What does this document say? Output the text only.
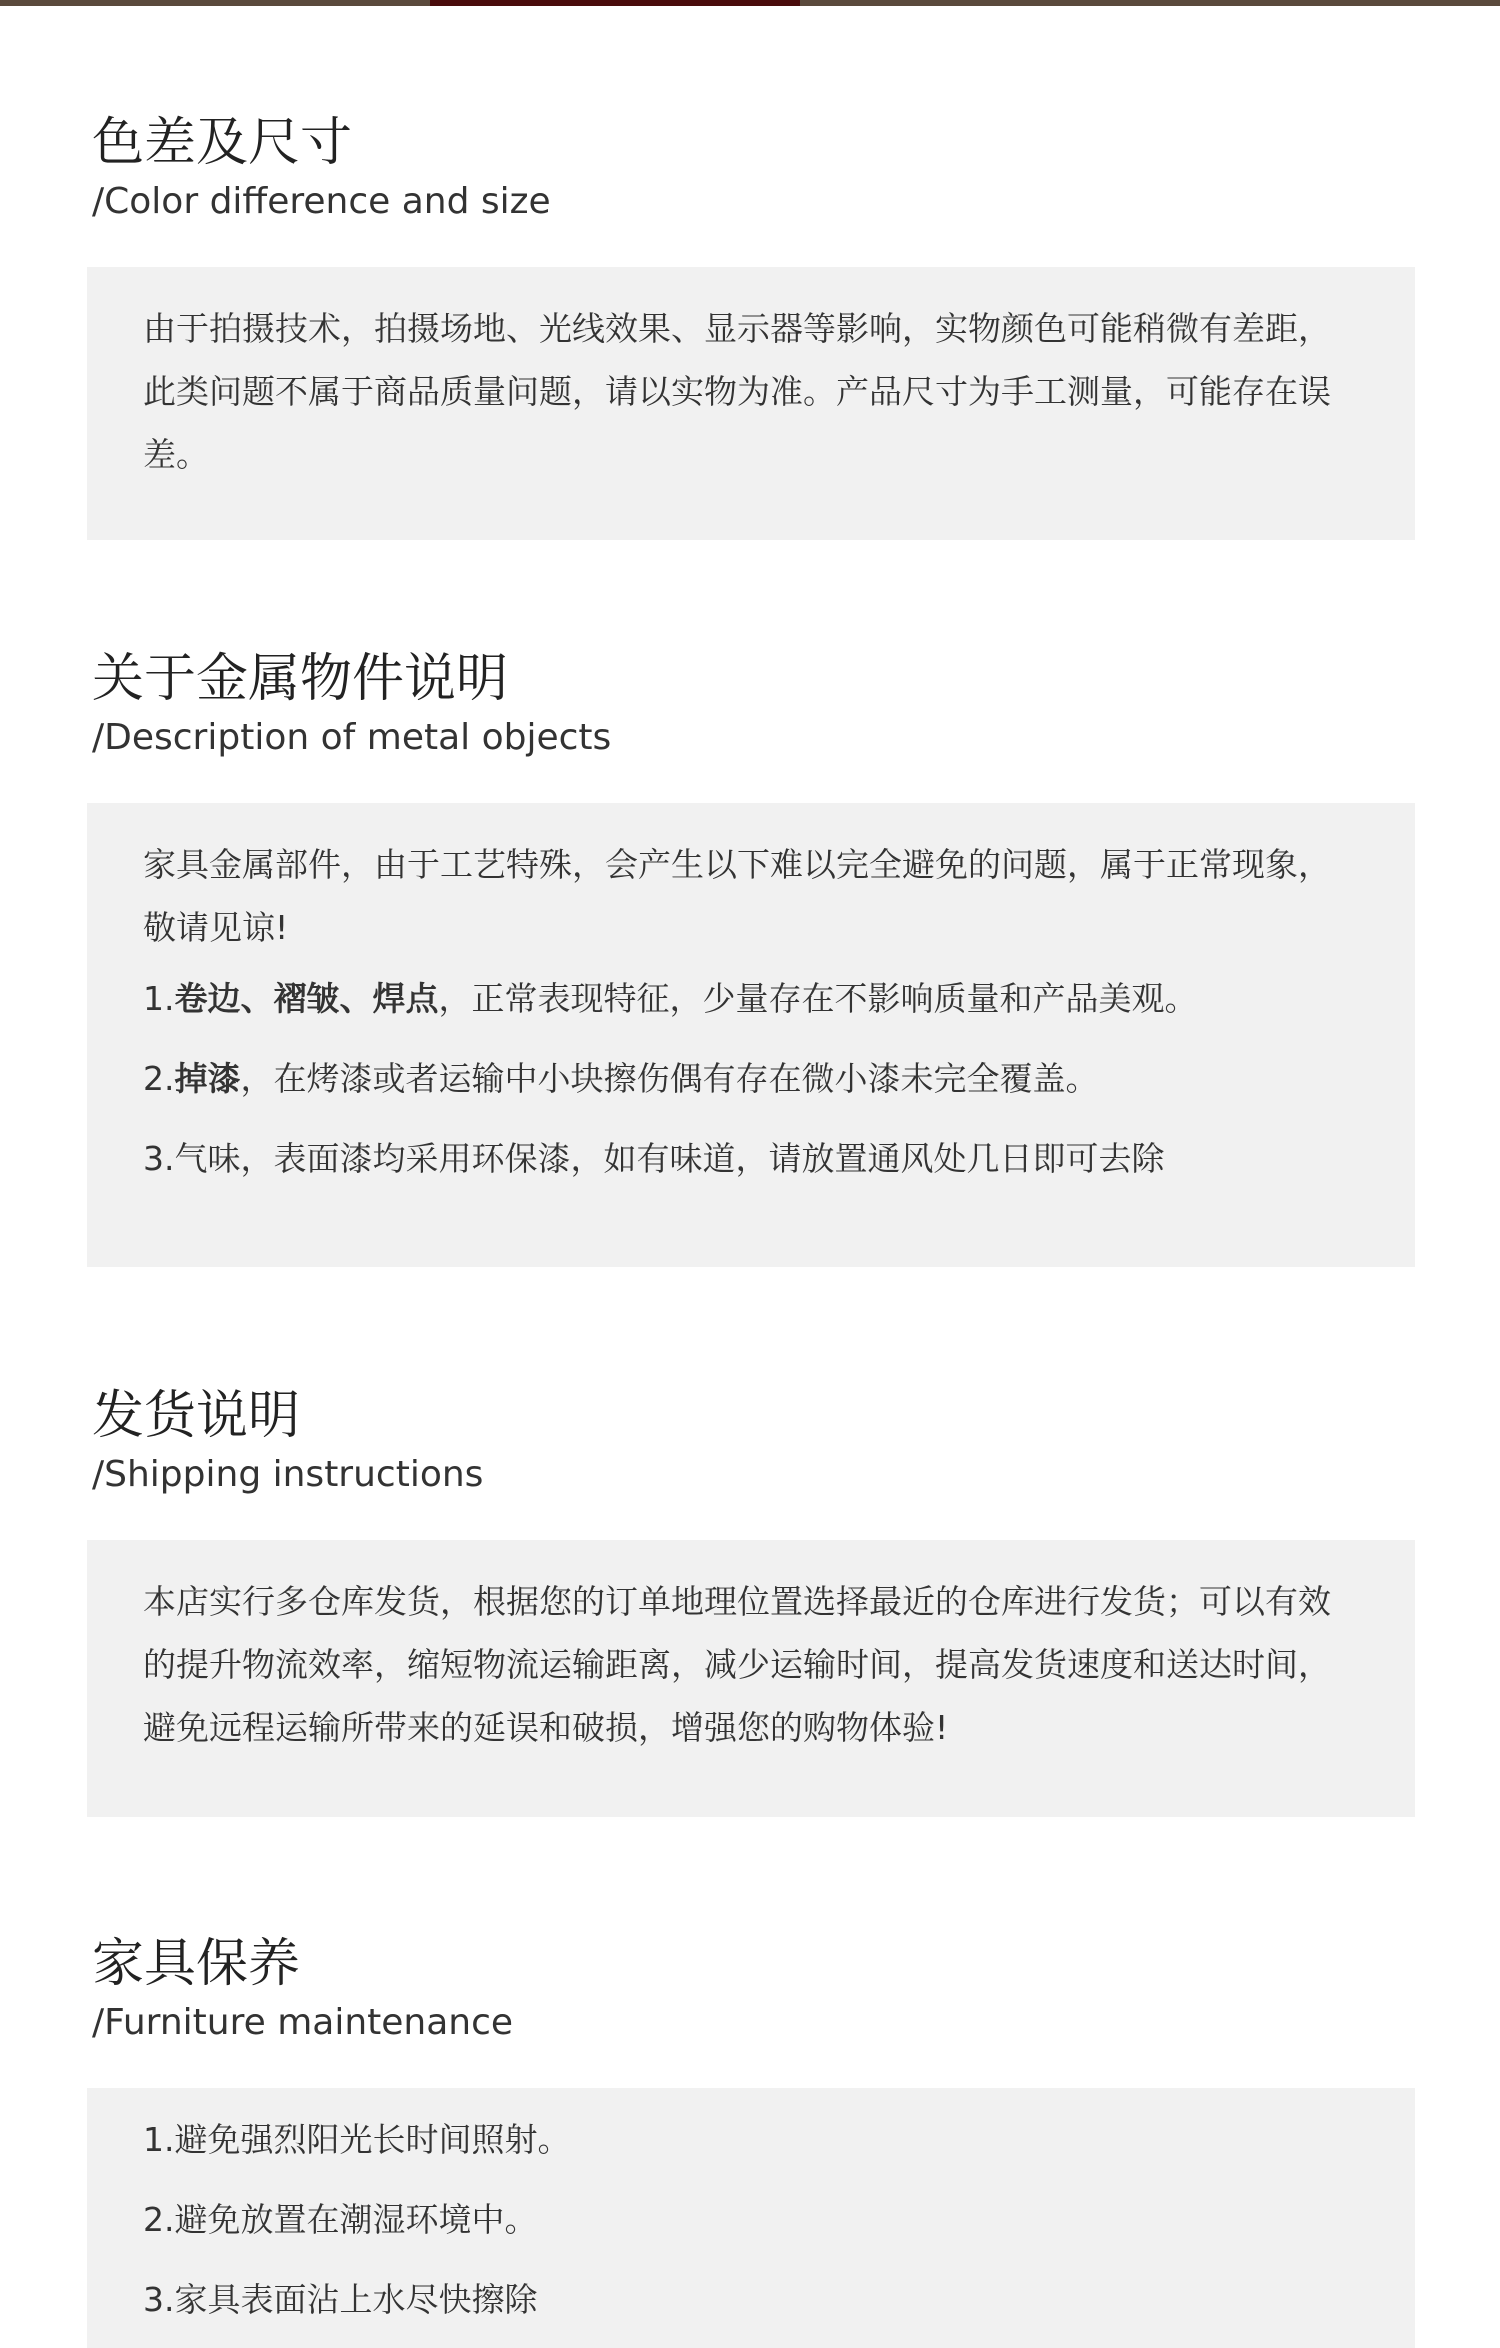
色差及尺寸

/Color difference and size

由于拍摄技术，拍摄场地、光线效果、显示器等影响，实物颜色可能稍微有差距，此类问题不属于商品质量问题，请以实物为准。产品尺寸为手工测量，可能存在误差。

关于金属物件说明

/Description of metal objects

家具金属部件，由于工艺特殊，会产生以下难以完全避免的问题，属于正常现象，敬请见谅!

1.卷边、褶皱、焊点，正常表现特征，少量存在不影响质量和产品美观。

2.掉漆，在烤漆或者运输中小块擦伤偶有存在微小漆未完全覆盖。

3.气味，表面漆均采用环保漆，如有味道，请放置通风处几日即可去除

发货说明

/Shipping instructions

本店实行多仓库发货，根据您的订单地理位置选择最近的仓库进行发货；可以有效的提升物流效率，缩短物流运输距离，减少运输时间，提高发货速度和送达时间，避免远程运输所带来的延误和破损，增强您的购物体验!

家具保养

/Furniture maintenance

1.避免强烈阳光长时间照射。

2.避免放置在潮湿环境中。

3.家具表面沾上水尽快擦除
